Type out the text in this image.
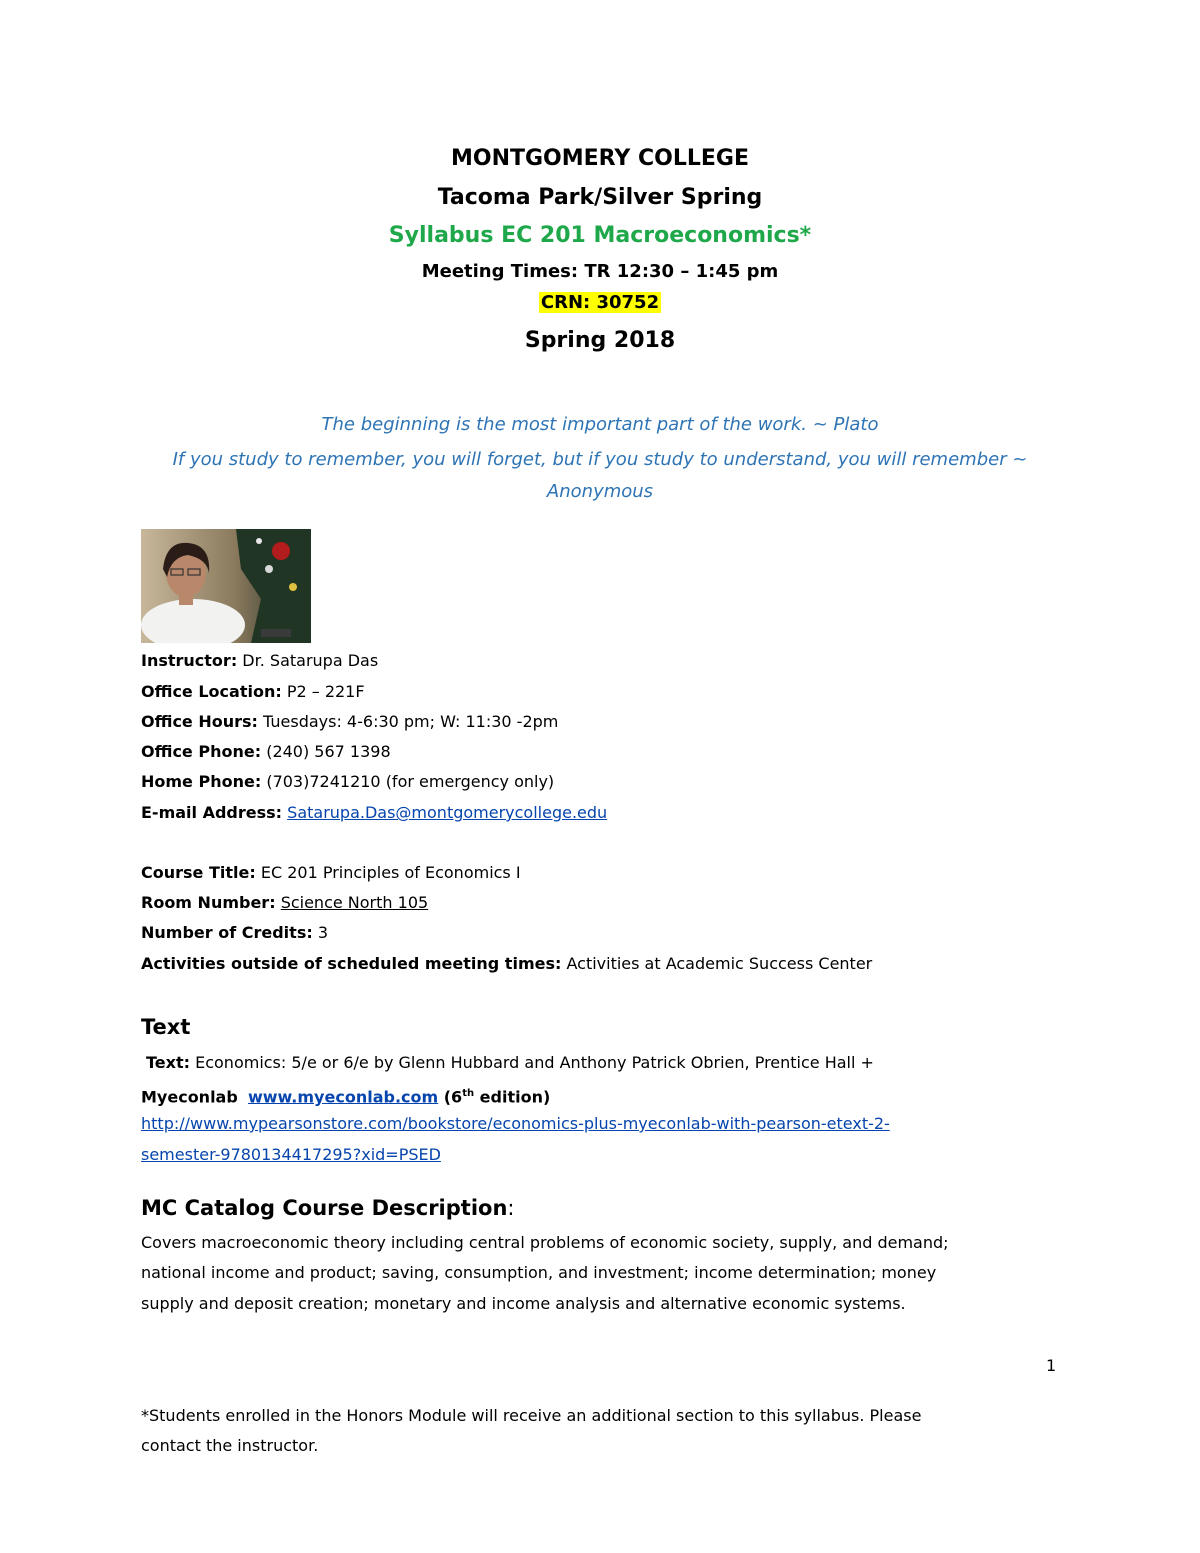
MONTGOMERY COLLEGE
Tacoma Park/Silver Spring
Syllabus EC 201 Macroeconomics*
Meeting Times: TR 12:30 – 1:45 pm
CRN: 30752
Spring 2018
The beginning is the most important part of the work. ~ Plato
If you study to remember, you will forget, but if you study to understand, you will remember ~
Anonymous
Instructor: Dr. Satarupa Das
Office Location: P2 – 221F
Office Hours: Tuesdays: 4-6:30 pm; W: 11:30 -2pm
Office Phone: (240) 567 1398
Home Phone: (703)7241210 (for emergency only)
E-mail Address: Satarupa.Das@montgomerycollege.edu
Course Title: EC 201 Principles of Economics I
Room Number: Science North 105
Number of Credits: 3
Activities outside of scheduled meeting times: Activities at Academic Success Center
Text
Text: Economics: 5/e or 6/e by Glenn Hubbard and Anthony Patrick Obrien, Prentice Hall +
Myeconlab www.myeconlab.com (6th edition)
http://www.mypearsonstore.com/bookstore/economics-plus-myeconlab-with-pearson-etext-2-
semester-9780134417295?xid=PSED
MC Catalog Course Description:
Covers macroeconomic theory including central problems of economic society, supply, and demand;
national income and product; saving, consumption, and investment; income determination; money
supply and deposit creation; monetary and income analysis and alternative economic systems.
1
*Students enrolled in the Honors Module will receive an additional section to this syllabus. Please
contact the instructor.
